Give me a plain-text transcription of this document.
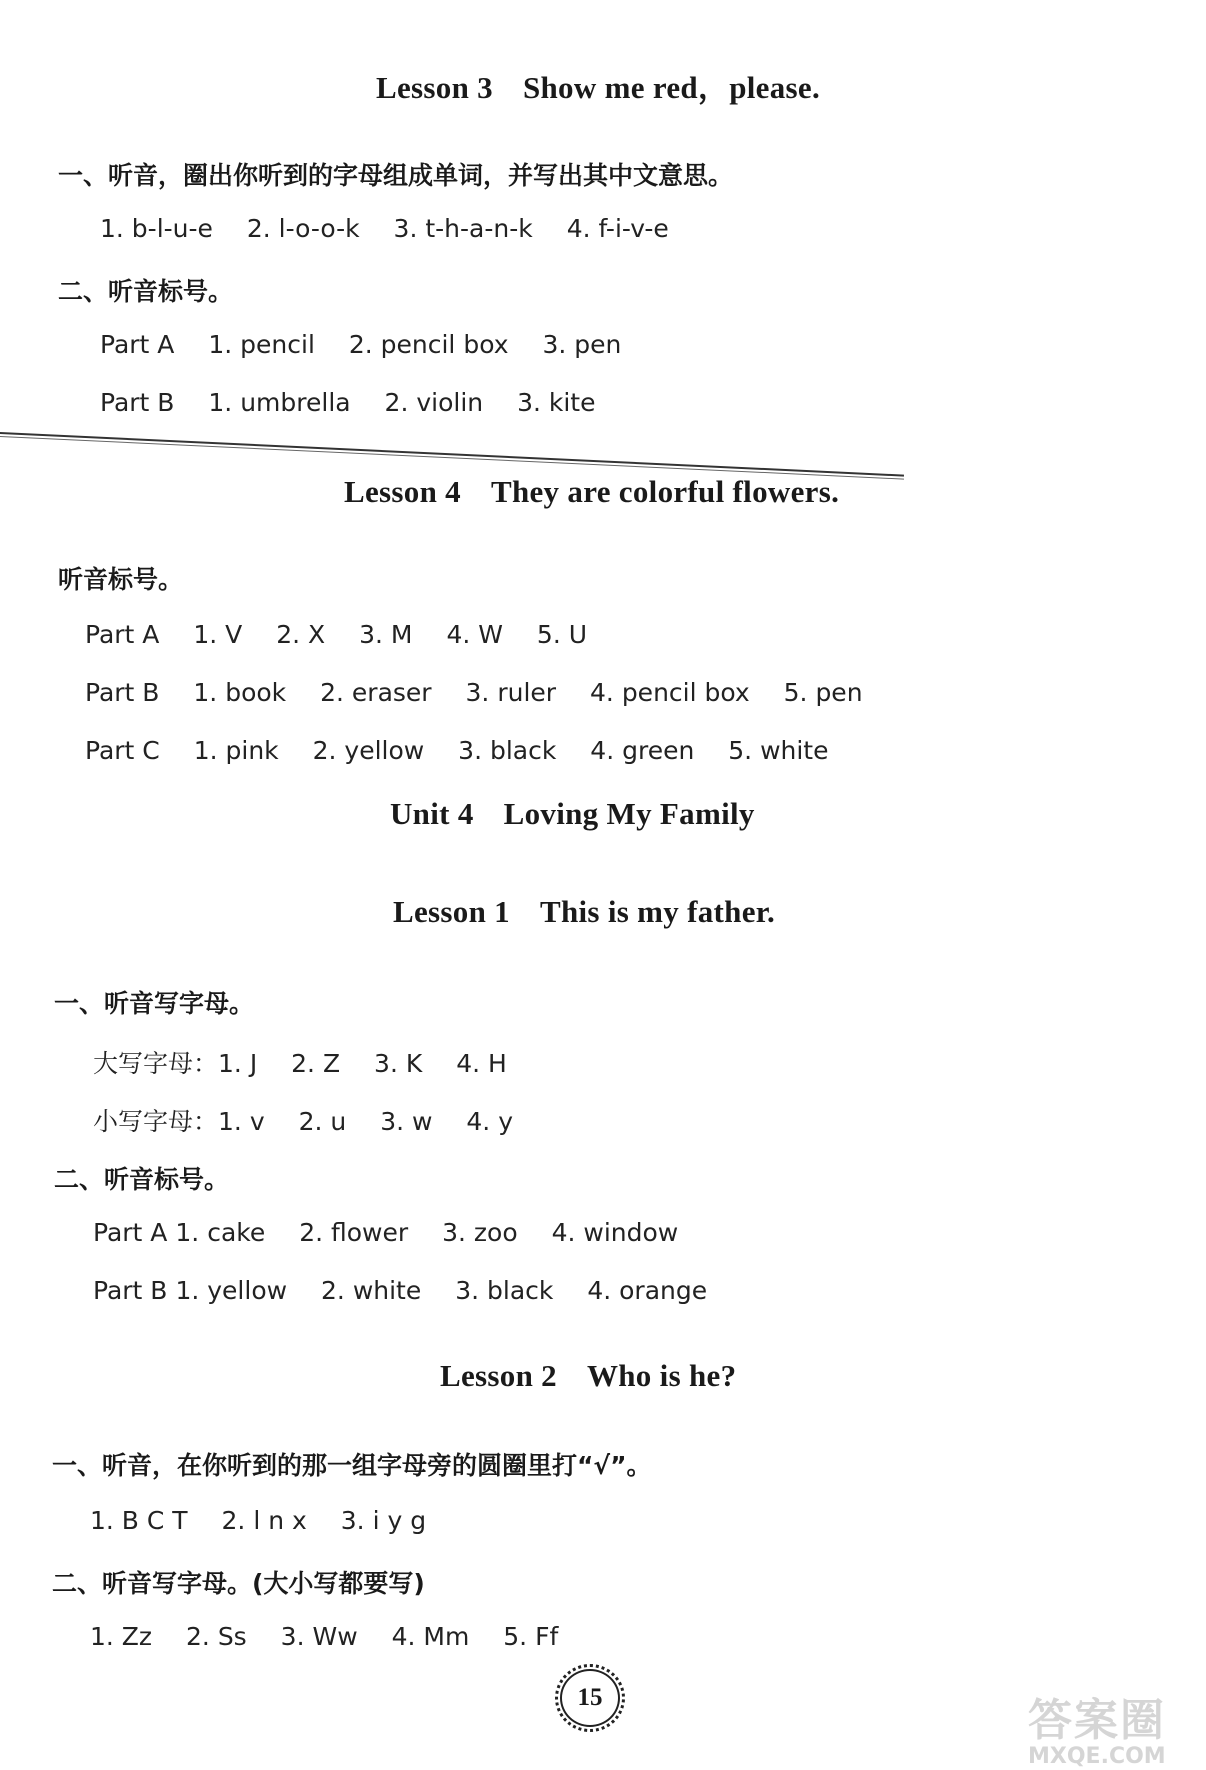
Lesson 3 Show me red，please.
一、听音，圈出你听到的字母组成单词，并写出其中文意思。
1. b-l-u-e 2. l-o-o-k 3. t-h-a-n-k 4. f-i-v-e
二、听音标号。
Part A 1. pencil 2. pencil box 3. pen
Part B 1. umbrella 2. violin 3. kite
Lesson 4 They are colorful flowers.
听音标号。
Part A 1. V 2. X 3. M 4. W 5. U
Part B 1. book 2. eraser 3. ruler 4. pencil box 5. pen
Part C 1. pink 2. yellow 3. black 4. green 5. white
Unit 4 Loving My Family
Lesson 1 This is my father.
一、听音写字母。
大写字母：1. J 2. Z 3. K 4. H
小写字母：1. v 2. u 3. w 4. y
二、听音标号。
Part A 1. cake 2. flower 3. zoo 4. window
Part B 1. yellow 2. white 3. black 4. orange
Lesson 2 Who is he?
一、听音，在你听到的那一组字母旁的圆圈里打“√”。
1. B C T 2. l n x 3. i y g
二、听音写字母。(大小写都要写)
1. Zz 2. Ss 3. Ww 4. Mm 5. Ff
15	答案圈
MXQE.COM
